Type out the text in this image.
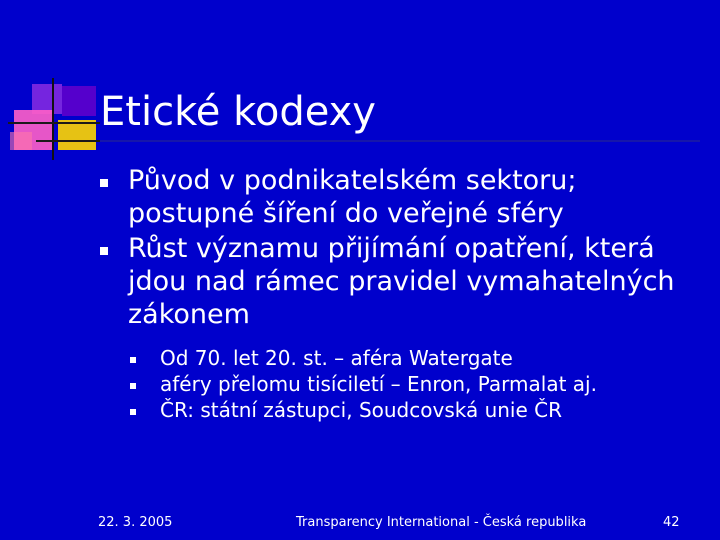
Etické kodexy
Původ v podnikatelském sektoru; postupné šíření do veřejné sféry
Růst významu přijímání opatření, která jdou nad rámec pravidel vymahatelných zákonem
Od 70. let 20. st. – aféra Watergate
aféry přelomu tisíciletí – Enron, Parmalat aj.
ČR: státní zástupci, Soudcovská unie ČR
22. 3. 2005	Transparency International - Česká republika	42
